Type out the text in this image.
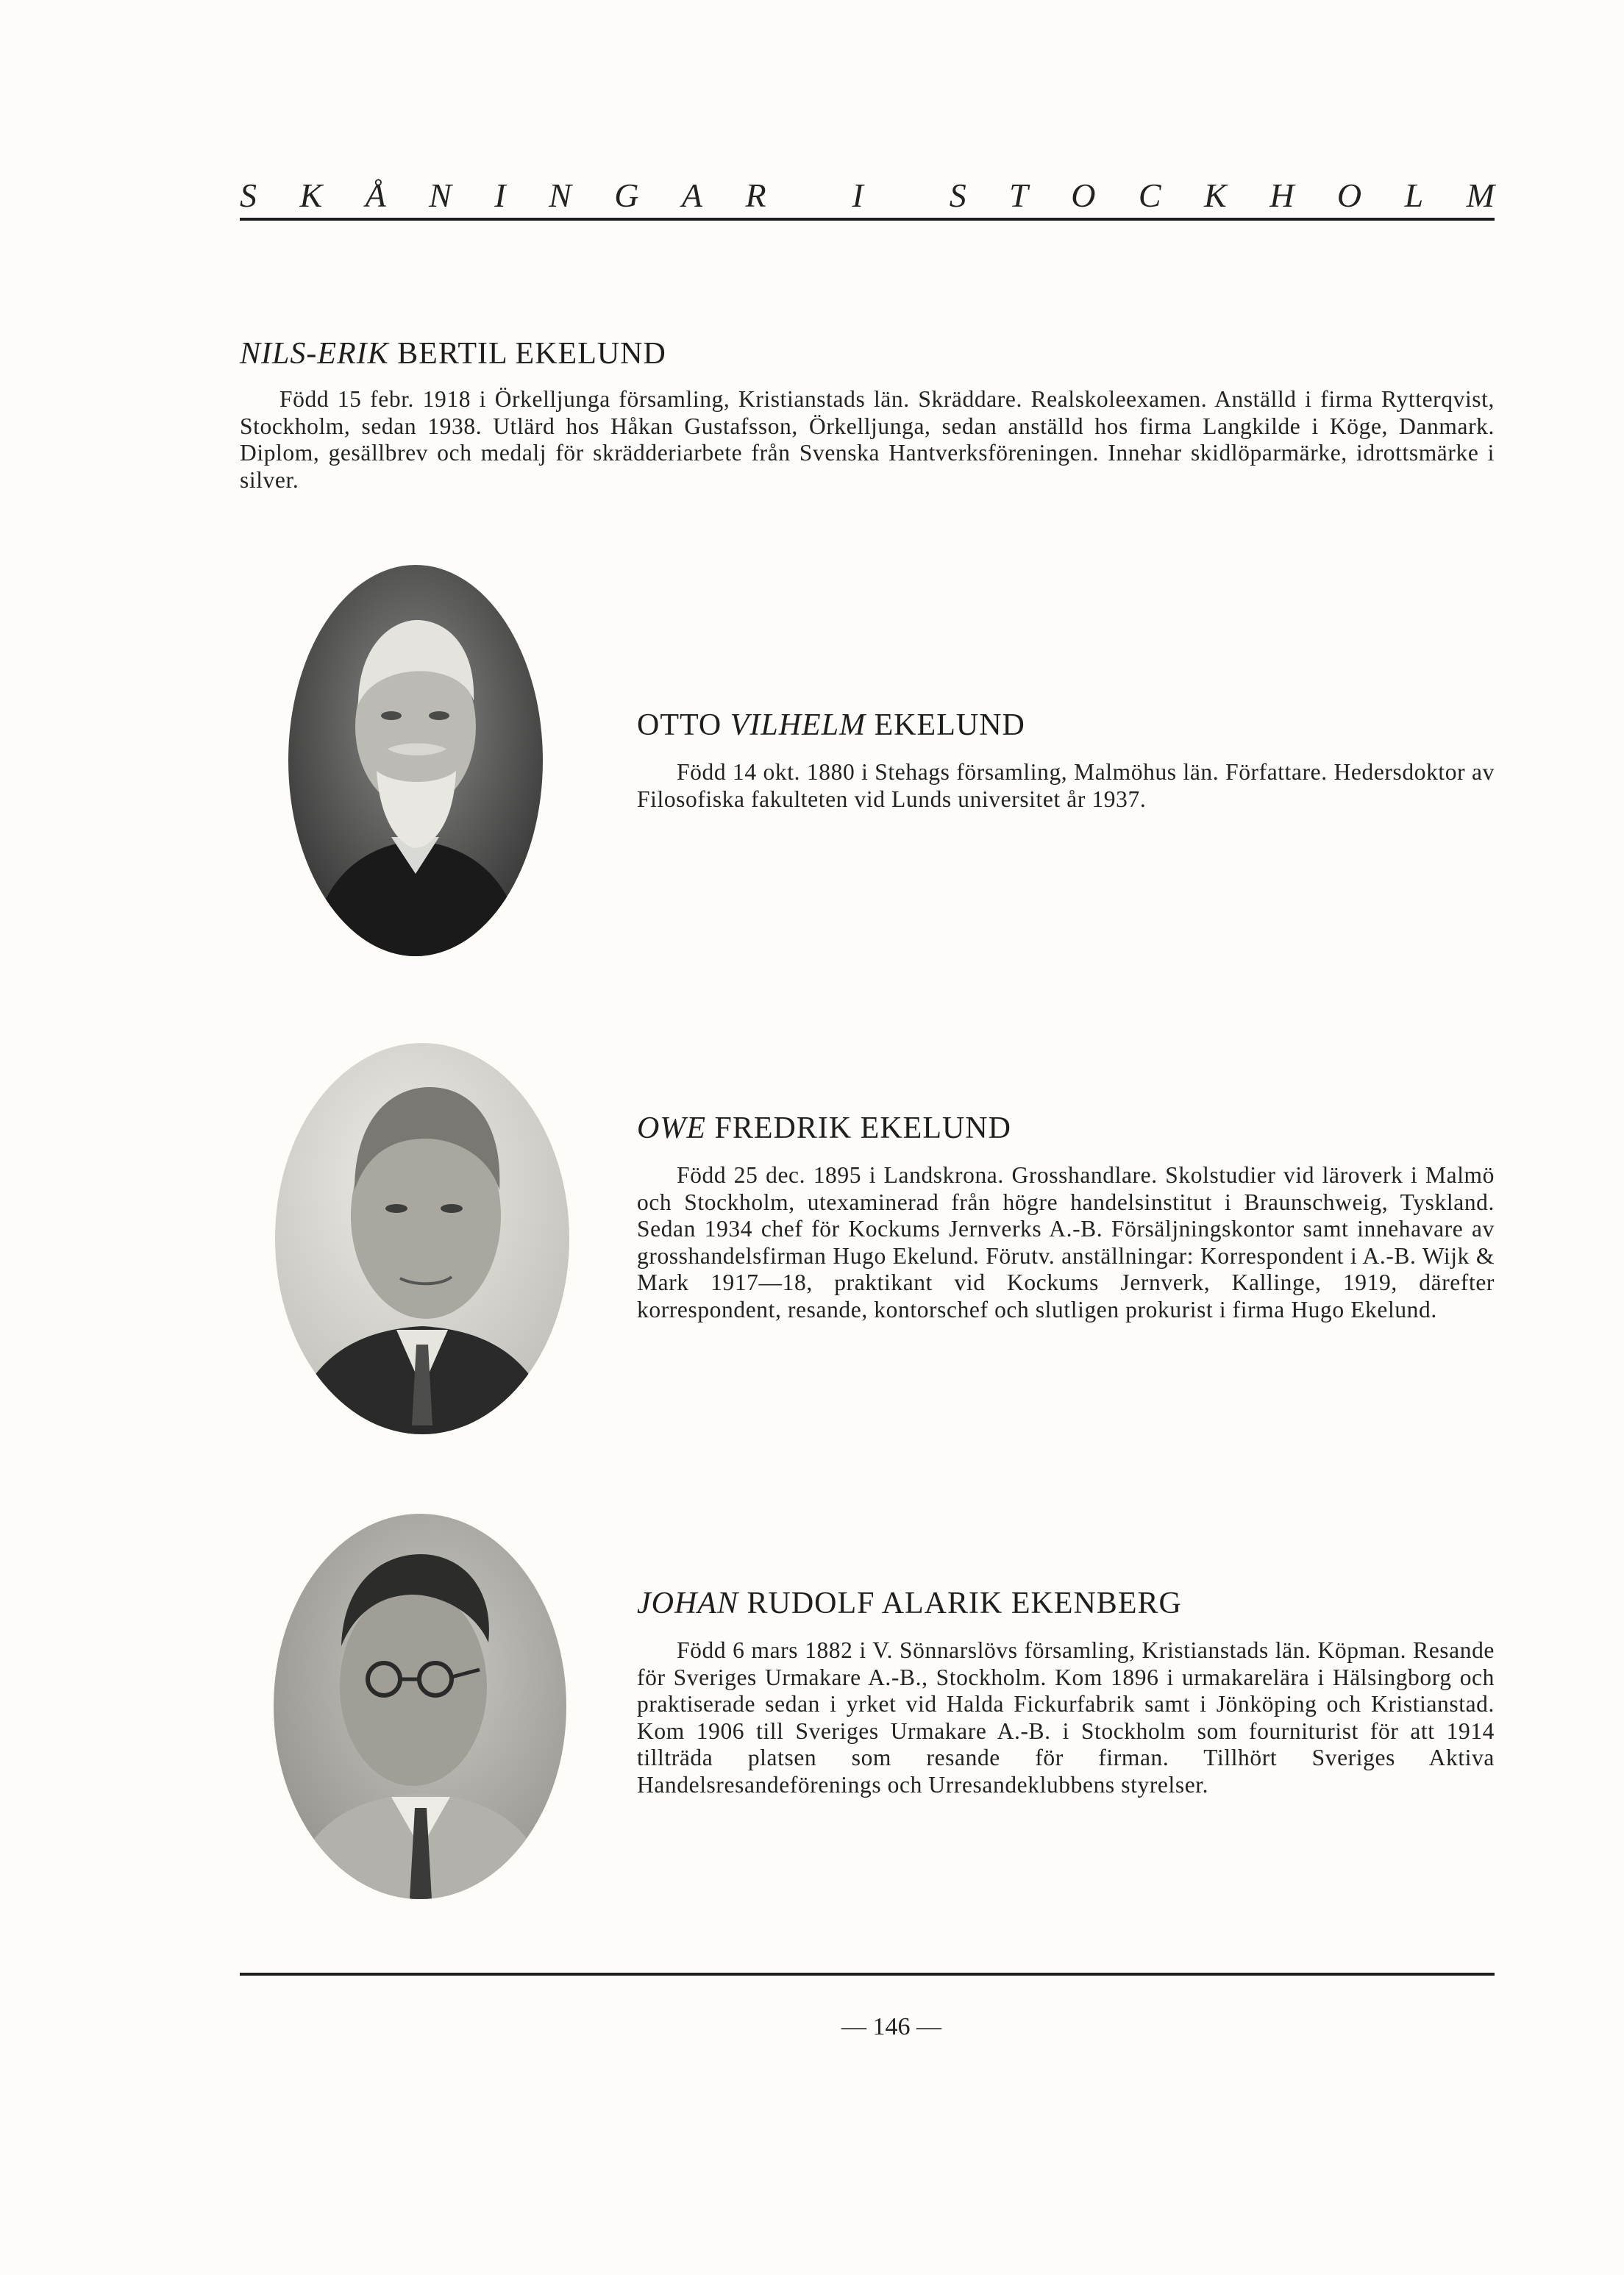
S K Å N I N G A R	I	S T O C K H O L M
NILS-ERIK BERTIL EKELUND

Född 15 febr. 1918 i Örkelljunga församling, Kristianstads län. Skräddare. Realskoleexamen. Anställd i firma Rytterqvist, Stockholm, sedan 1938. Utlärd hos Håkan Gustafsson, Örkelljunga, sedan anställd hos firma Langkilde i Köge, Danmark. Diplom, gesällbrev och medalj för skrädderiarbete från Svenska Hantverksföreningen. Innehar skidlöparmärke, idrottsmärke i silver.

OTTO VILHELM EKELUND

Född 14 okt. 1880 i Stehags församling, Malmöhus län. Författare. Hedersdoktor av Filosofiska fakulteten vid Lunds universitet år 1937.

OWE FREDRIK EKELUND

Född 25 dec. 1895 i Landskrona. Grosshandlare. Skolstudier vid läroverk i Malmö och Stockholm, utexaminerad från högre handelsinstitut i Braunschweig, Tyskland. Sedan 1934 chef för Kockums Jernverks A.-B. Försäljningskontor samt innehavare av grosshandelsfirman Hugo Ekelund. Förutv. anställningar: Korrespondent i A.-B. Wijk & Mark 1917—18, praktikant vid Kockums Jernverk, Kallinge, 1919, därefter korrespondent, resande, kontorschef och slutligen prokurist i firma Hugo Ekelund.

JOHAN RUDOLF ALARIK EKENBERG

Född 6 mars 1882 i V. Sönnarslövs församling, Kristianstads län. Köpman. Resande för Sveriges Urmakare A.-B., Stockholm. Kom 1896 i urmakarelära i Hälsingborg och praktiserade sedan i yrket vid Halda Fickurfabrik samt i Jönköping och Kristianstad. Kom 1906 till Sveriges Urmakare A.-B. i Stockholm som fourniturist för att 1914 tillträda platsen som resande för firman. Tillhört Sveriges Aktiva Handelsresandeförenings och Urresandeklubbens styrelser.

— 146 —
